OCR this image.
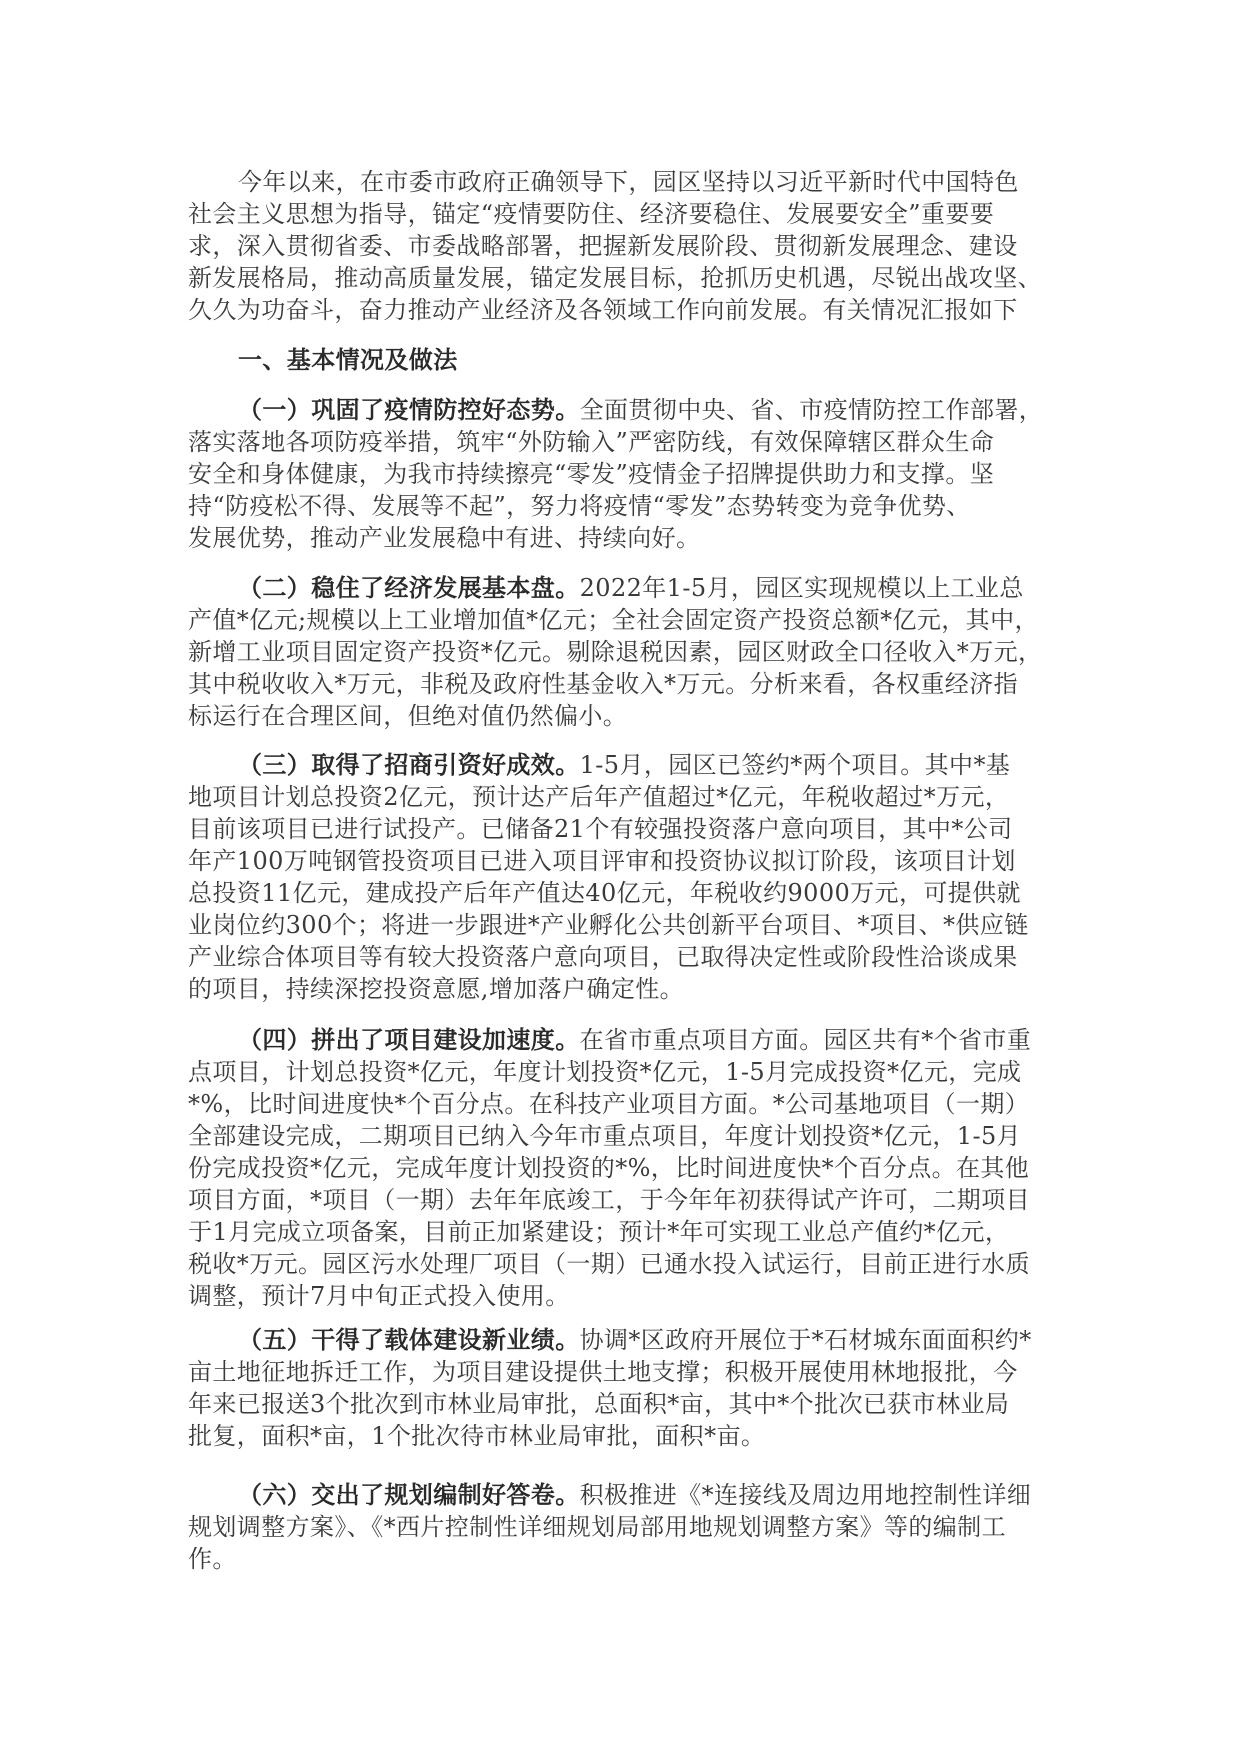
今年以来，在市委市政府正确领导下，园区坚持以习近平新时代中国特色
社会主义思想为指导，锚定“疫情要防住、经济要稳住、发展要安全”重要要
求，深入贯彻省委、市委战略部署，把握新发展阶段、贯彻新发展理念、建设
新发展格局，推动高质量发展，锚定发展目标，抢抓历史机遇，尽锐出战攻坚、
久久为功奋斗，奋力推动产业经济及各领域工作向前发展。有关情况汇报如下
一、基本情况及做法
（一）巩固了疫情防控好态势。全面贯彻中央、省、市疫情防控工作部署，
落实落地各项防疫举措，筑牢“外防输入”严密防线，有效保障辖区群众生命
安全和身体健康，为我市持续擦亮“零发”疫情金子招牌提供助力和支撑。坚
持“防疫松不得、发展等不起”，努力将疫情“零发”态势转变为竞争优势、
发展优势，推动产业发展稳中有进、持续向好。
（二）稳住了经济发展基本盘。2022年1-5月，园区实现规模以上工业总
产值*亿元;规模以上工业增加值*亿元；全社会固定资产投资总额*亿元，其中，
新增工业项目固定资产投资*亿元。剔除退税因素，园区财政全口径收入*万元，
其中税收收入*万元，非税及政府性基金收入*万元。分析来看，各权重经济指
标运行在合理区间，但绝对值仍然偏小。
（三）取得了招商引资好成效。1-5月，园区已签约*两个项目。其中*基
地项目计划总投资2亿元，预计达产后年产值超过*亿元，年税收超过*万元，
目前该项目已进行试投产。已储备21个有较强投资落户意向项目，其中*公司
年产100万吨钢管投资项目已进入项目评审和投资协议拟订阶段，该项目计划
总投资11亿元，建成投产后年产值达40亿元，年税收约9000万元，可提供就
业岗位约300个；将进一步跟进*产业孵化公共创新平台项目、*项目、*供应链
产业综合体项目等有较大投资落户意向项目，已取得决定性或阶段性洽谈成果
的项目，持续深挖投资意愿,增加落户确定性。
（四）拼出了项目建设加速度。在省市重点项目方面。园区共有*个省市重
点项目，计划总投资*亿元，年度计划投资*亿元，1-5月完成投资*亿元，完成
*%，比时间进度快*个百分点。在科技产业项目方面。*公司基地项目（一期）
全部建设完成，二期项目已纳入今年市重点项目，年度计划投资*亿元，1-5月
份完成投资*亿元，完成年度计划投资的*%，比时间进度快*个百分点。在其他
项目方面，*项目（一期）去年年底竣工，于今年年初获得试产许可，二期项目
于1月完成立项备案，目前正加紧建设；预计*年可实现工业总产值约*亿元，
税收*万元。园区污水处理厂项目（一期）已通水投入试运行，目前正进行水质
调整，预计7月中旬正式投入使用。
（五）干得了载体建设新业绩。协调*区政府开展位于*石材城东面面积约*
亩土地征地拆迁工作，为项目建设提供土地支撑；积极开展使用林地报批，今
年来已报送3个批次到市林业局审批，总面积*亩，其中*个批次已获市林业局
批复，面积*亩，1个批次待市林业局审批，面积*亩。
（六）交出了规划编制好答卷。积极推进《*连接线及周边用地控制性详细
规划调整方案》、《*西片控制性详细规划局部用地规划调整方案》等的编制工
作。
